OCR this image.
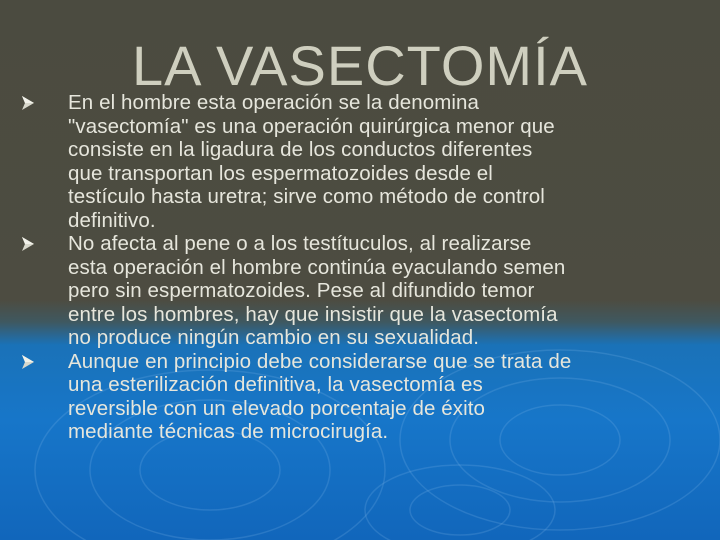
LA VASECTOMÍA
En el hombre esta operación se la denomina
"vasectomía" es una operación quirúrgica menor que
consiste en la ligadura de los conductos diferentes
que transportan los espermatozoides desde el
testículo hasta uretra; sirve como método de control
definitivo.
No afecta al pene o a los testítuculos, al realizarse
esta operación el hombre continúa eyaculando semen
pero sin espermatozoides. Pese al difundido temor
entre los hombres, hay que insistir que la vasectomía
no produce ningún cambio en su sexualidad.
Aunque en principio debe considerarse que se trata de
una esterilización definitiva, la vasectomía es
reversible con un elevado porcentaje de éxito
mediante técnicas de microcirugía.
